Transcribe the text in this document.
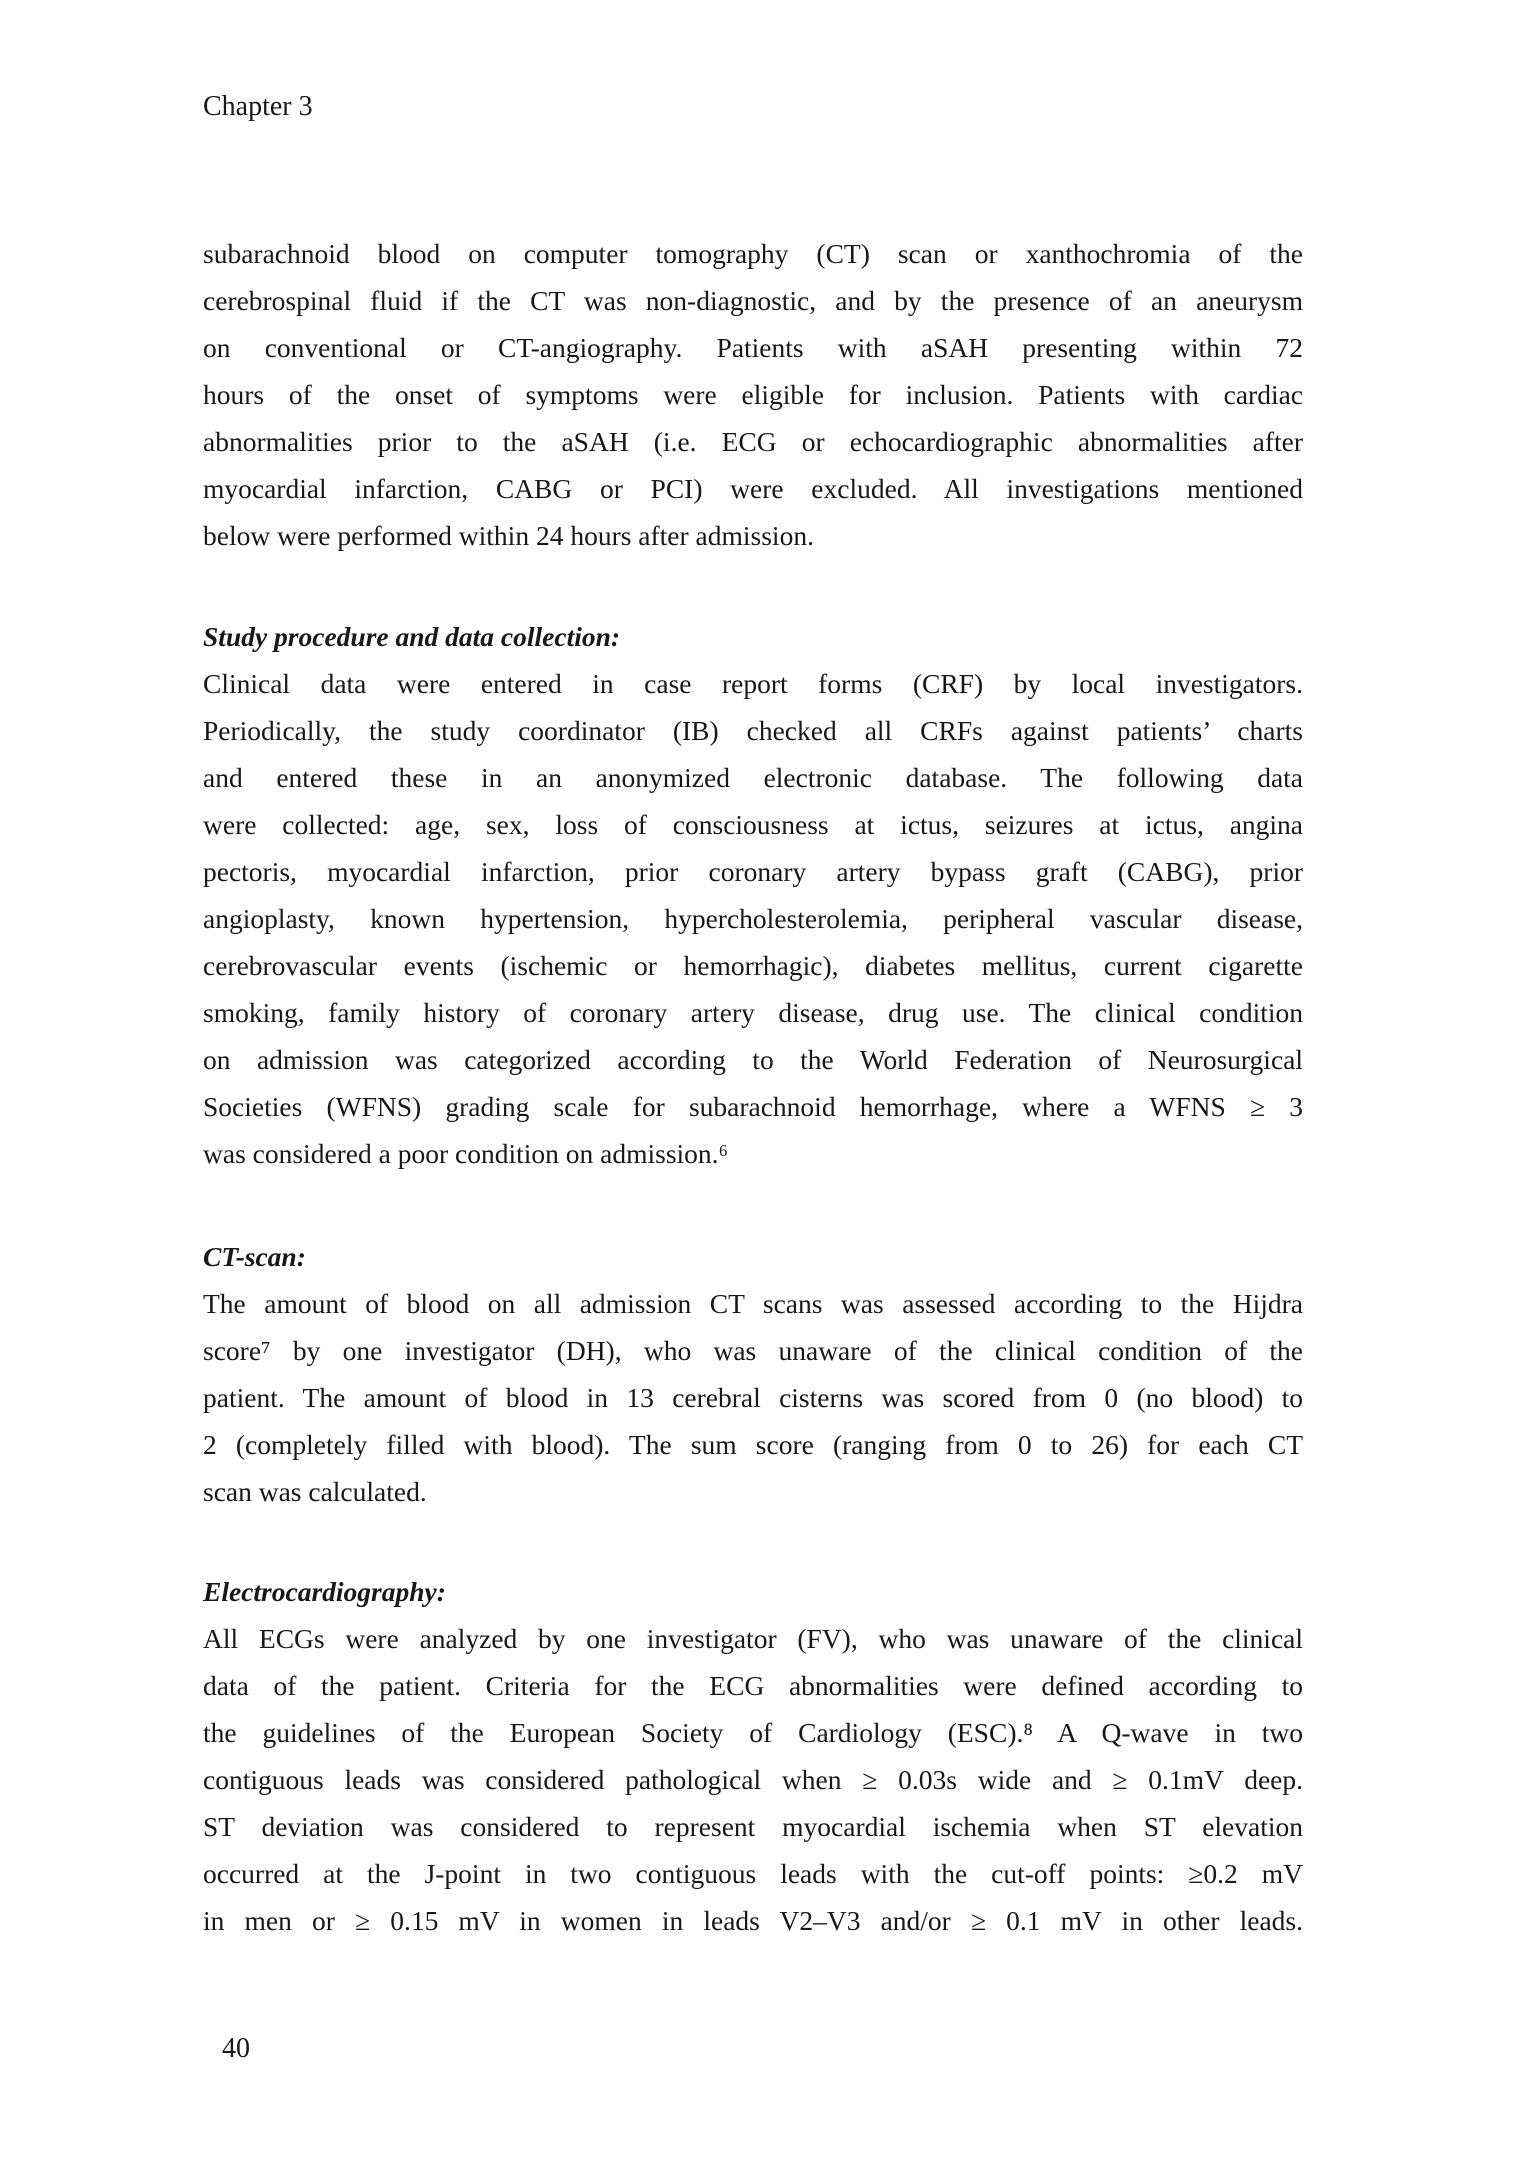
Chapter 3
subarachnoid blood on computer tomography (CT) scan or xanthochromia of the
cerebrospinal fluid if the CT was non-diagnostic, and by the presence of an aneurysm
on conventional or CT-angiography. Patients with aSAH presenting within 72
hours of the onset of symptoms were eligible for inclusion. Patients with cardiac
abnormalities prior to the aSAH (i.e. ECG or echocardiographic abnormalities after
myocardial infarction, CABG or PCI) were excluded. All investigations mentioned
below were performed within 24 hours after admission.
Study procedure and data collection:
Clinical data were entered in case report forms (CRF) by local investigators.
Periodically, the study coordinator (IB) checked all CRFs against patients’ charts
and entered these in an anonymized electronic database. The following data
were collected: age, sex, loss of consciousness at ictus, seizures at ictus, angina
pectoris, myocardial infarction, prior coronary artery bypass graft (CABG), prior
angioplasty, known hypertension, hypercholesterolemia, peripheral vascular disease,
cerebrovascular events (ischemic or hemorrhagic), diabetes mellitus, current cigarette
smoking, family history of coronary artery disease, drug use. The clinical condition
on admission was categorized according to the World Federation of Neurosurgical
Societies (WFNS) grading scale for subarachnoid hemorrhage, where a WFNS ≥ 3
was considered a poor condition on admission.⁶
CT-scan:
The amount of blood on all admission CT scans was assessed according to the Hijdra
score⁷ by one investigator (DH), who was unaware of the clinical condition of the
patient. The amount of blood in 13 cerebral cisterns was scored from 0 (no blood) to
2 (completely filled with blood). The sum score (ranging from 0 to 26) for each CT
scan was calculated.
Electrocardiography:
All ECGs were analyzed by one investigator (FV), who was unaware of the clinical
data of the patient. Criteria for the ECG abnormalities were defined according to
the guidelines of the European Society of Cardiology (ESC).⁸ A Q-wave in two
contiguous leads was considered pathological when ≥ 0.03s wide and ≥ 0.1mV deep.
ST deviation was considered to represent myocardial ischemia when ST elevation
occurred at the J-point in two contiguous leads with the cut-off points: ≥0.2 mV
in men or ≥ 0.15 mV in women in leads V2–V3 and/or ≥ 0.1 mV in other leads.
40
